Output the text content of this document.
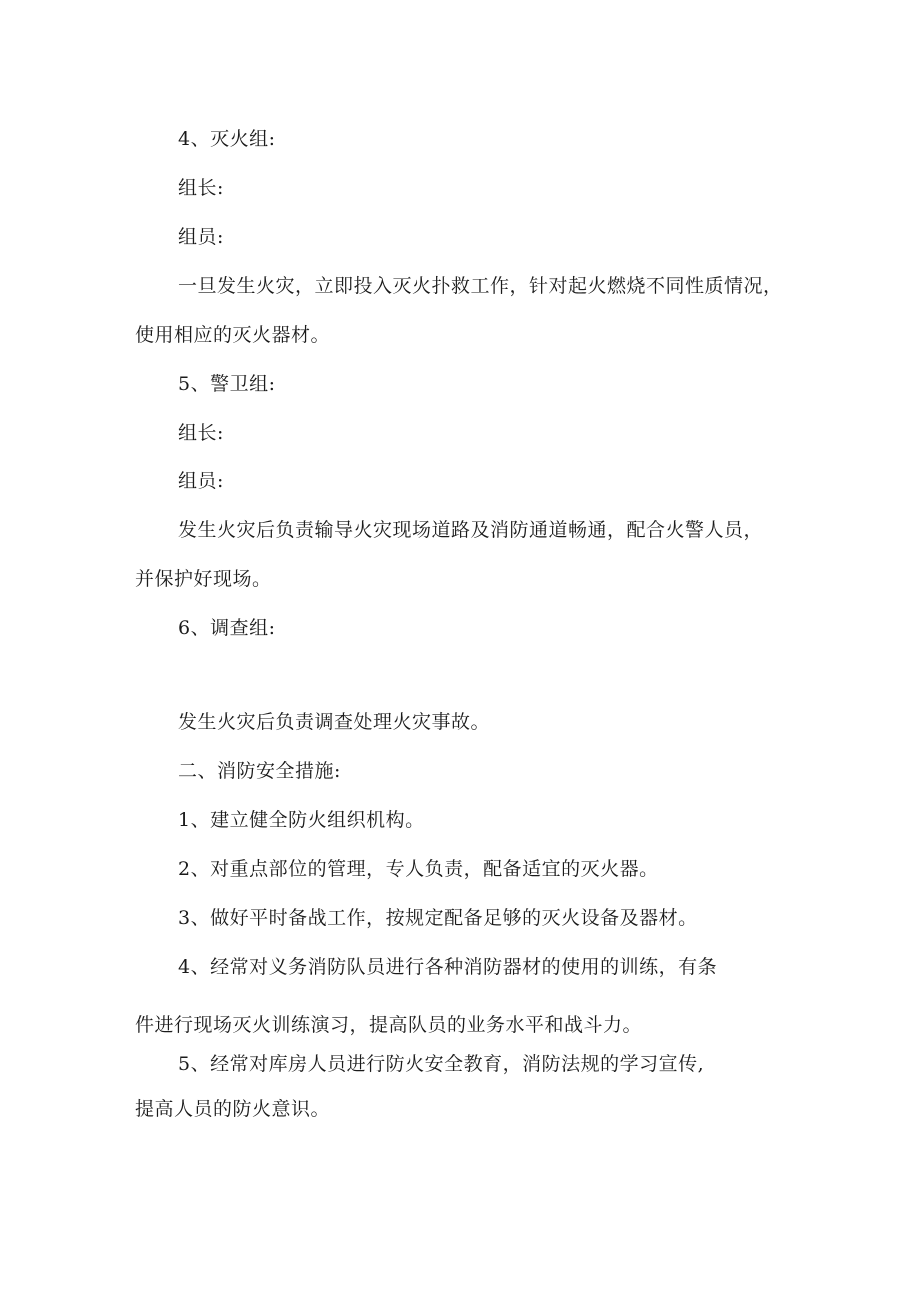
4、灭火组:
组长:
组员:
一旦发生火灾，立即投入灭火扑救工作，针对起火燃烧不同性质情况，
使用相应的灭火器材。
5、警卫组:
组长:
组员:
发生火灾后负责输导火灾现场道路及消防通道畅通，配合火警人员，
并保护好现场。
6、调查组:
发生火灾后负责调查处理火灾事故。
二、消防安全措施:
1、建立健全防火组织机构。
2、对重点部位的管理，专人负责，配备适宜的灭火器。
3、做好平时备战工作，按规定配备足够的灭火设备及器材。
4、经常对义务消防队员进行各种消防器材的使用的训练，有条
件进行现场灭火训练演习，提高队员的业务水平和战斗力。
5、经常对库房人员进行防火安全教育，消防法规的学习宣传,
提高人员的防火意识。
